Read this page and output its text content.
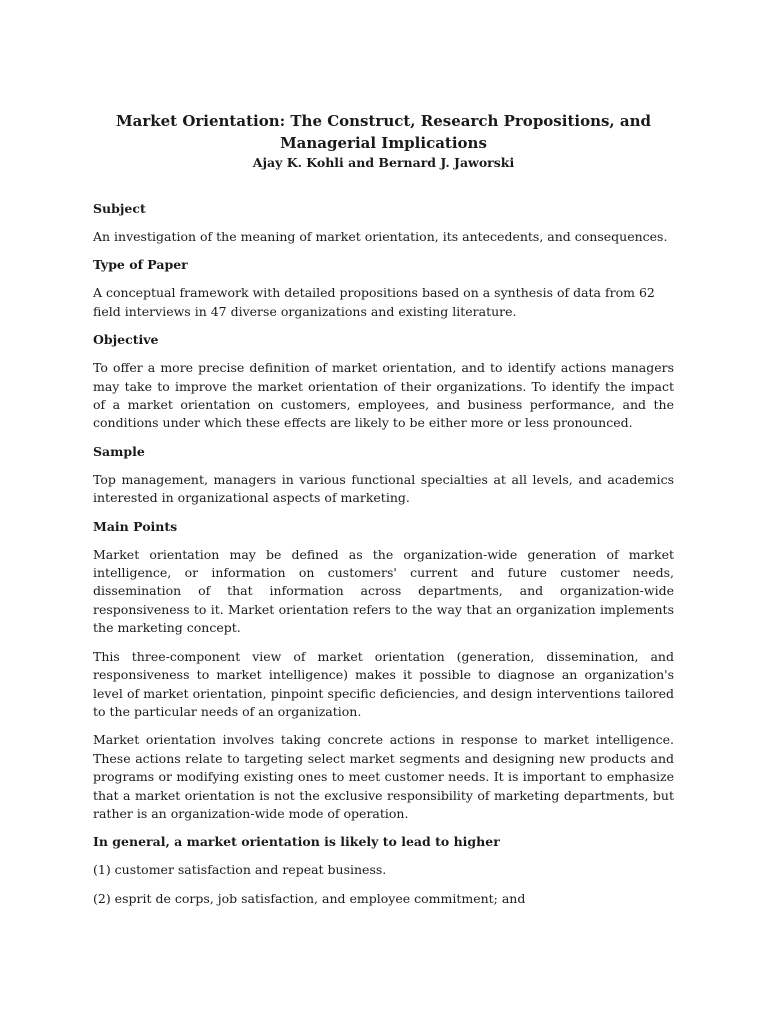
Market Orientation: The Construct, Research Propositions, and Managerial Implications

Ajay K. Kohli and Bernard J. Jaworski

Subject

An investigation of the meaning of market orientation, its antecedents, and consequences.

Type of Paper

A conceptual framework with detailed propositions based on a synthesis of data from 62 field interviews in 47 diverse organizations and existing literature.

Objective

To offer a more precise definition of market orientation, and to identify actions managers may take to improve the market orientation of their organizations. To identify the impact of a market orientation on customers, employees, and business performance, and the conditions under which these effects are likely to be either more or less pronounced.

Sample

Top management, managers in various functional specialties at all levels, and academics interested in organizational aspects of marketing.

Main Points

Market orientation may be defined as the organization-wide generation of market intelligence, or information on customers' current and future customer needs, dissemination of that information across departments, and organization-wide responsiveness to it. Market orientation refers to the way that an organization implements the marketing concept.

This three-component view of market orientation (generation, dissemination, and responsiveness to market intelligence) makes it possible to diagnose an organization's level of market orientation, pinpoint specific deficiencies, and design interventions tailored to the particular needs of an organization.

Market orientation involves taking concrete actions in response to market intelligence. These actions relate to targeting select market segments and designing new products and programs or modifying existing ones to meet customer needs. It is important to emphasize that a market orientation is not the exclusive responsibility of marketing departments, but rather is an organization-wide mode of operation.

In general, a market orientation is likely to lead to higher

(1) customer satisfaction and repeat business.

(2) esprit de corps, job satisfaction, and employee commitment; and
